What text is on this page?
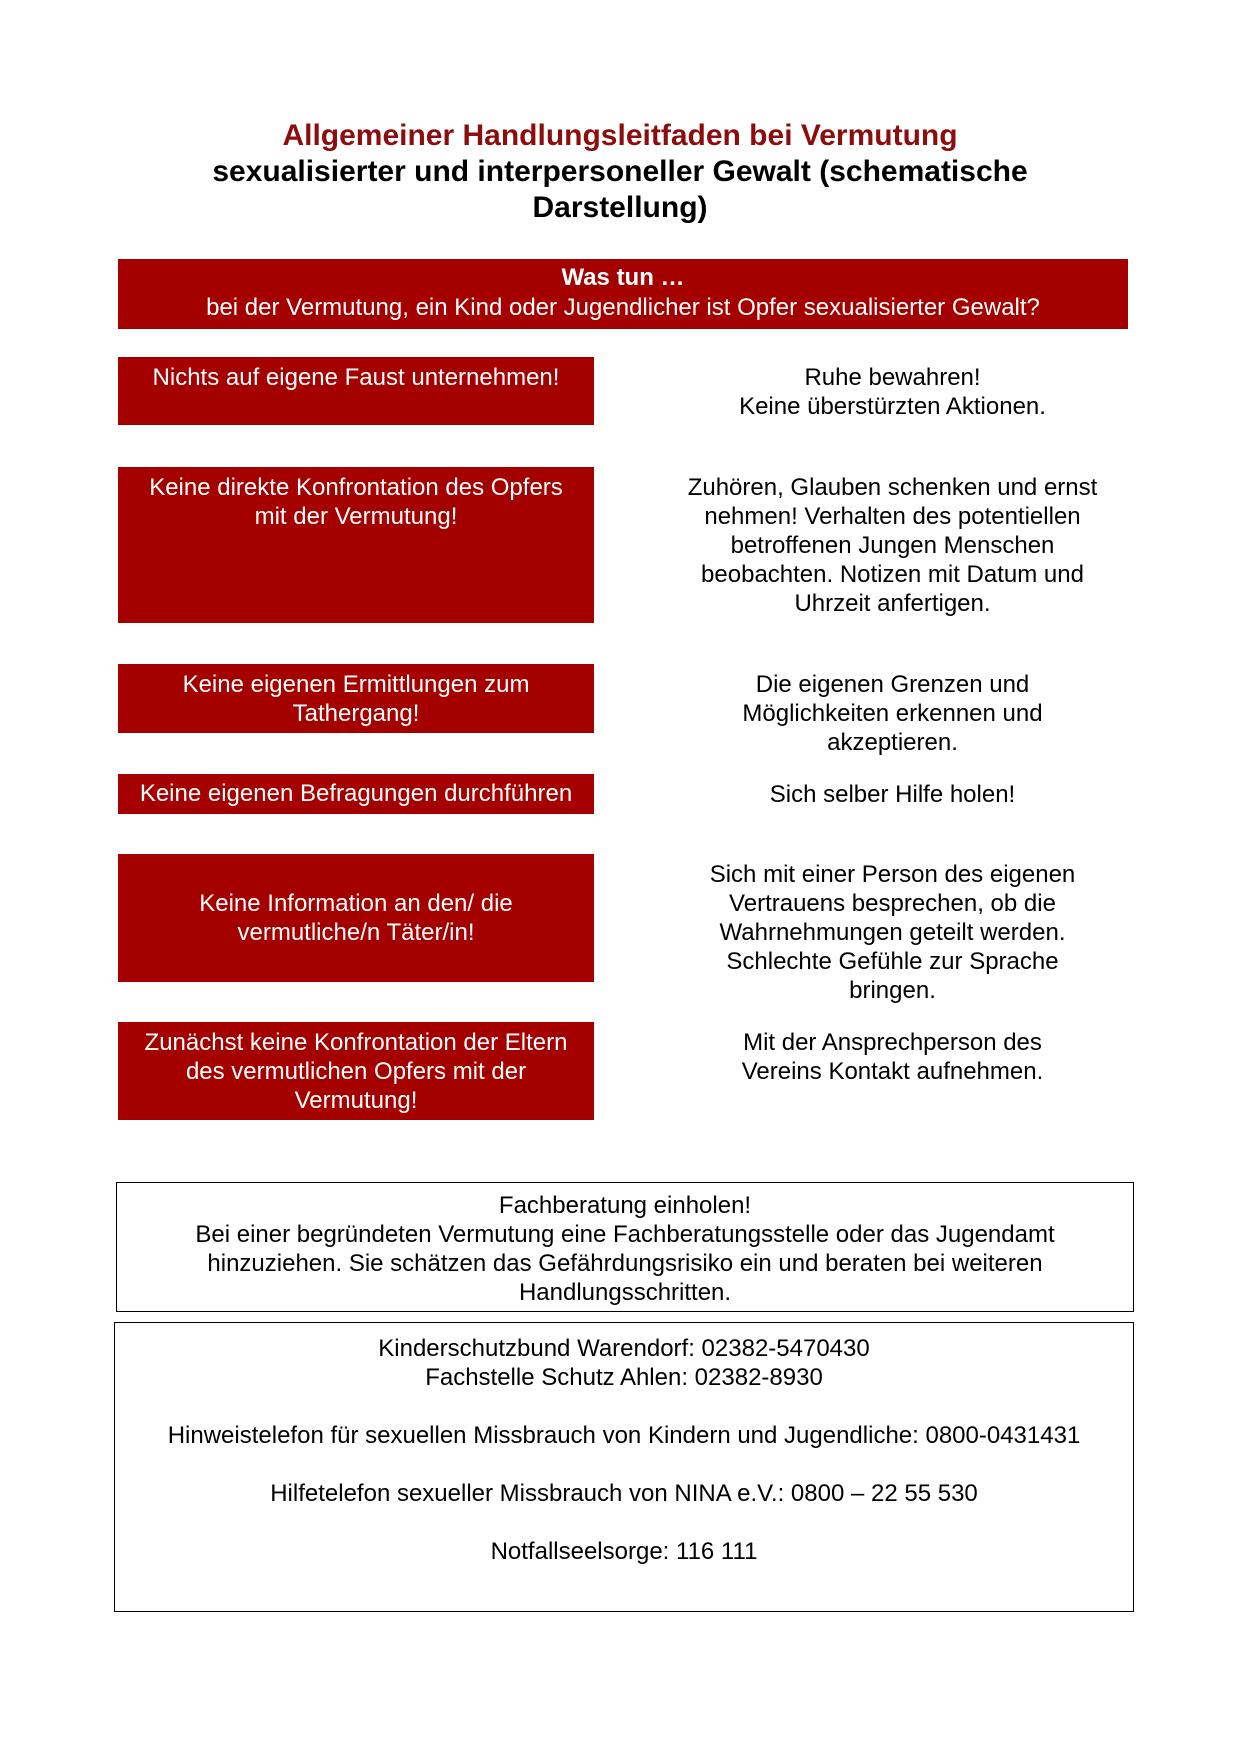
Allgemeiner Handlungsleitfaden bei Vermutung
sexualisierter und interpersoneller Gewalt (schematische
Darstellung)
Was tun …
bei der Vermutung, ein Kind oder Jugendlicher ist Opfer sexualisierter Gewalt?
Nichts auf eigene Faust unternehmen!	Ruhe bewahren!
Keine überstürzten Aktionen.
Keine direkte Konfrontation des Opfers mit der Vermutung!
Zuhören, Glauben schenken und ernst nehmen! Verhalten des potentiellen betroffenen Jungen Menschen beobachten. Notizen mit Datum und Uhrzeit anfertigen.
Keine eigenen Ermittlungen zum Tathergang!
Die eigenen Grenzen und Möglichkeiten erkennen und akzeptieren.
Keine eigenen Befragungen durchführen	Sich selber Hilfe holen!
Keine Information an den/ die vermutliche/n Täter/in!
Sich mit einer Person des eigenen Vertrauens besprechen, ob die Wahrnehmungen geteilt werden. Schlechte Gefühle zur Sprache bringen.
Zunächst keine Konfrontation der Eltern des vermutlichen Opfers mit der Vermutung!
Mit der Ansprechperson des Vereins Kontakt aufnehmen.
Fachberatung einholen!
Bei einer begründeten Vermutung eine Fachberatungsstelle oder das Jugendamt hinzuziehen. Sie schätzen das Gefährdungsrisiko ein und beraten bei weiteren Handlungsschritten.
Kinderschutzbund Warendorf: 02382-5470430
Fachstelle Schutz Ahlen: 02382-8930
Hinweistelefon für sexuellen Missbrauch von Kindern und Jugendliche: 0800-0431431
Hilfetelefon sexueller Missbrauch von NINA e.V.: 0800 – 22 55 530
Notfallseelsorge: 116 111
